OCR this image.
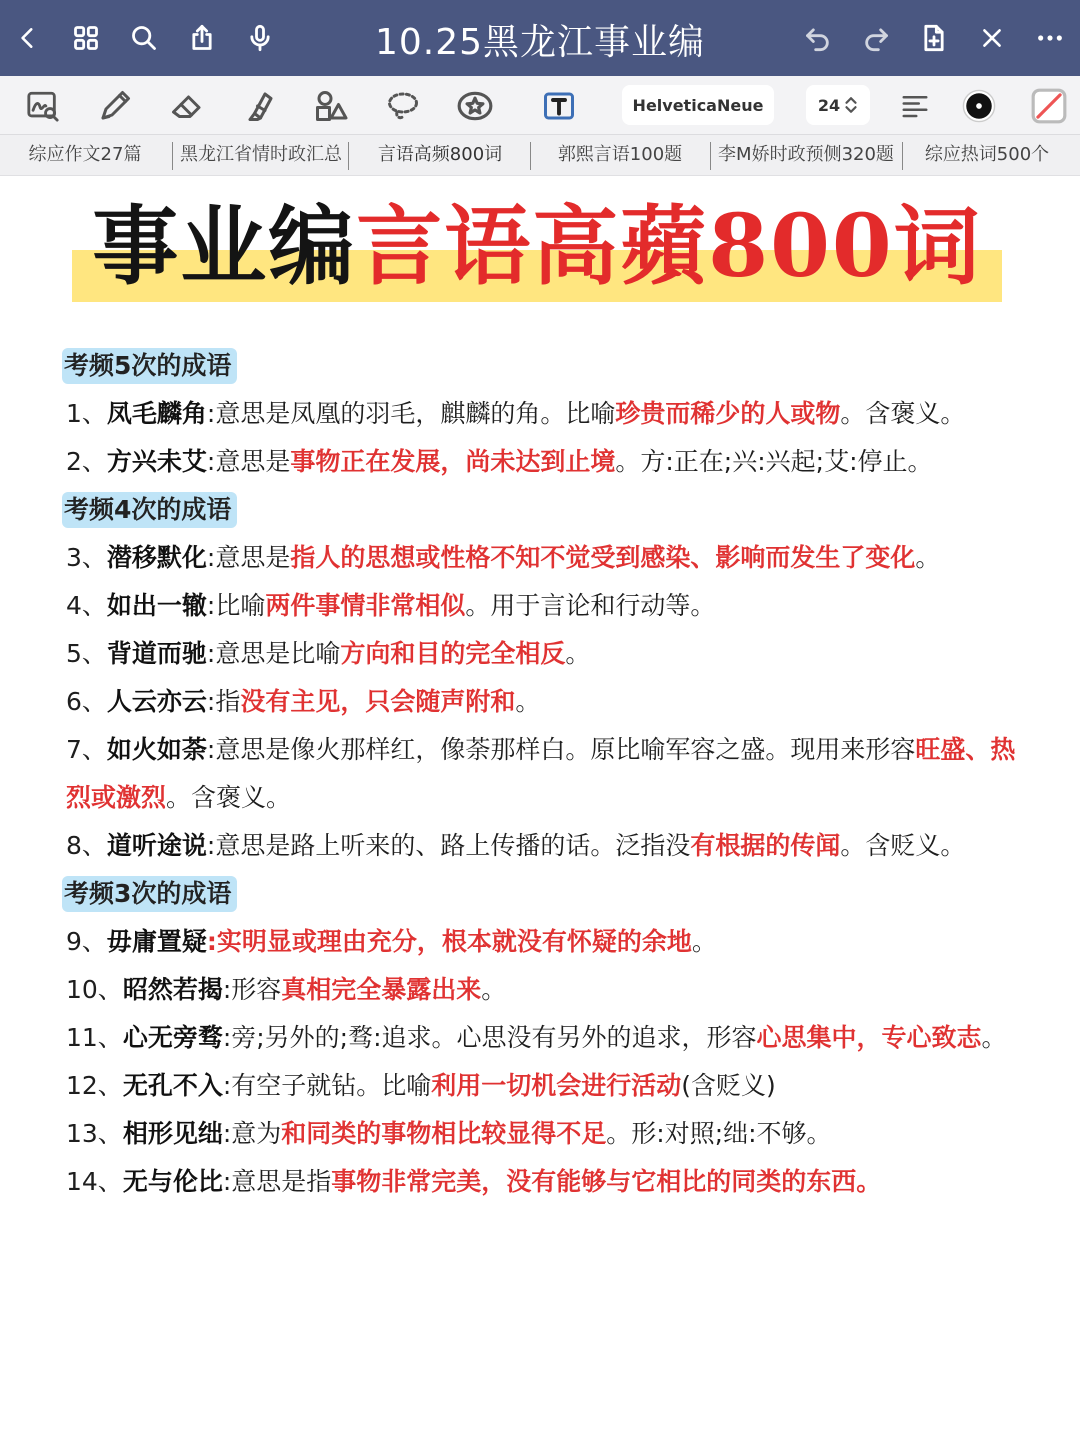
10.25黑龙江事业编
HelveticaNeue	24
综应作文27篇	黑龙江省情时政汇总	言语高频800词	郭熙言语100题	李M娇时政预侧320题	综应热词500个
事业编言语高蘋800词
考频5次的成语
1、凤毛麟角:意思是凤凰的羽毛，麒麟的角。比喻珍贵而稀少的人或物。含褒义。
2、方兴未艾:意思是事物正在发展，尚未达到止境。方:正在;兴:兴起;艾:停止。
考频4次的成语
3、潜移默化:意思是指人的思想或性格不知不觉受到感染、影响而发生了变化。
4、如出一辙:比喻两件事情非常相似。用于言论和行动等。
5、背道而驰:意思是比喻方向和目的完全相反。
6、人云亦云:指没有主见，只会随声附和。
7、如火如荼:意思是像火那样红，像荼那样白。原比喻军容之盛。现用来形容旺盛、热烈或激烈。含褒义。
8、道听途说:意思是路上听来的、路上传播的话。泛指没有根据的传闻。含贬义。
考频3次的成语
9、毋庸置疑:实明显或理由充分，根本就没有怀疑的余地。
10、昭然若揭:形容真相完全暴露出来。
11、心无旁骛:旁;另外的;骛:追求。心思没有另外的追求，形容心思集中，专心致志。
12、无孔不入:有空子就钻。比喻利用一切机会进行活动(含贬义)
13、相形见绌:意为和同类的事物相比较显得不足。形:对照;绌:不够。
14、无与伦比:意思是指事物非常完美，没有能够与它相比的同类的东西。
